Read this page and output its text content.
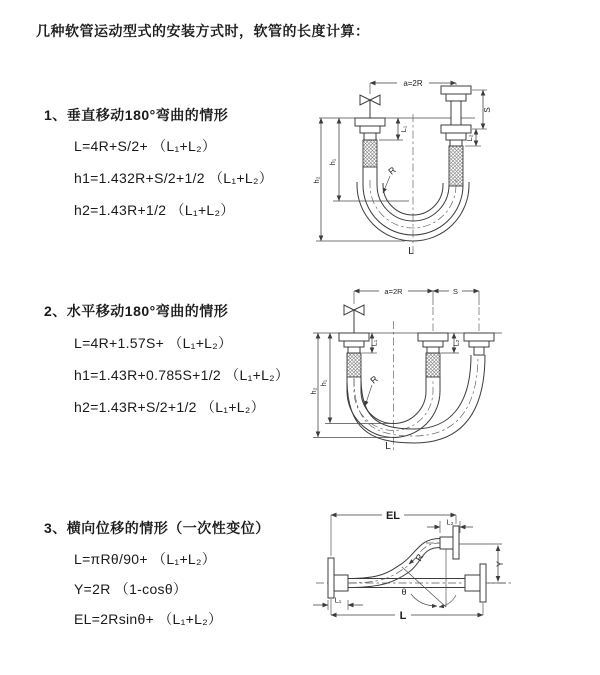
几种软管运动型式的安装方式时，软管的长度计算：
1、垂直移动180°弯曲的情形
L=4R+S/2+ （L₁+L₂）
h1=1.432R+S/2+1/2 （L₁+L₂）
h2=1.43R+1/2 （L₁+L₂）
a=2R
L₁
S
L₂
h₁
h₂
R
L
2、水平移动180°弯曲的情形
L=4R+1.57S+ （L₁+L₂）
h1=1.43R+0.785S+1/2 （L₁+L₂）
h2=1.43R+S/2+1/2 （L₁+L₂）
a=2R	S
h₁
h₂
L₁	L₂
R
L
3、横向位移的情形（一次性变位）
L=πRθ/90+ （L₁+L₂）
Y=2R （1-cosθ）
EL=2Rsinθ+ （L₁+L₂）
θ
EL	L₂
Y
L
L₁
R
